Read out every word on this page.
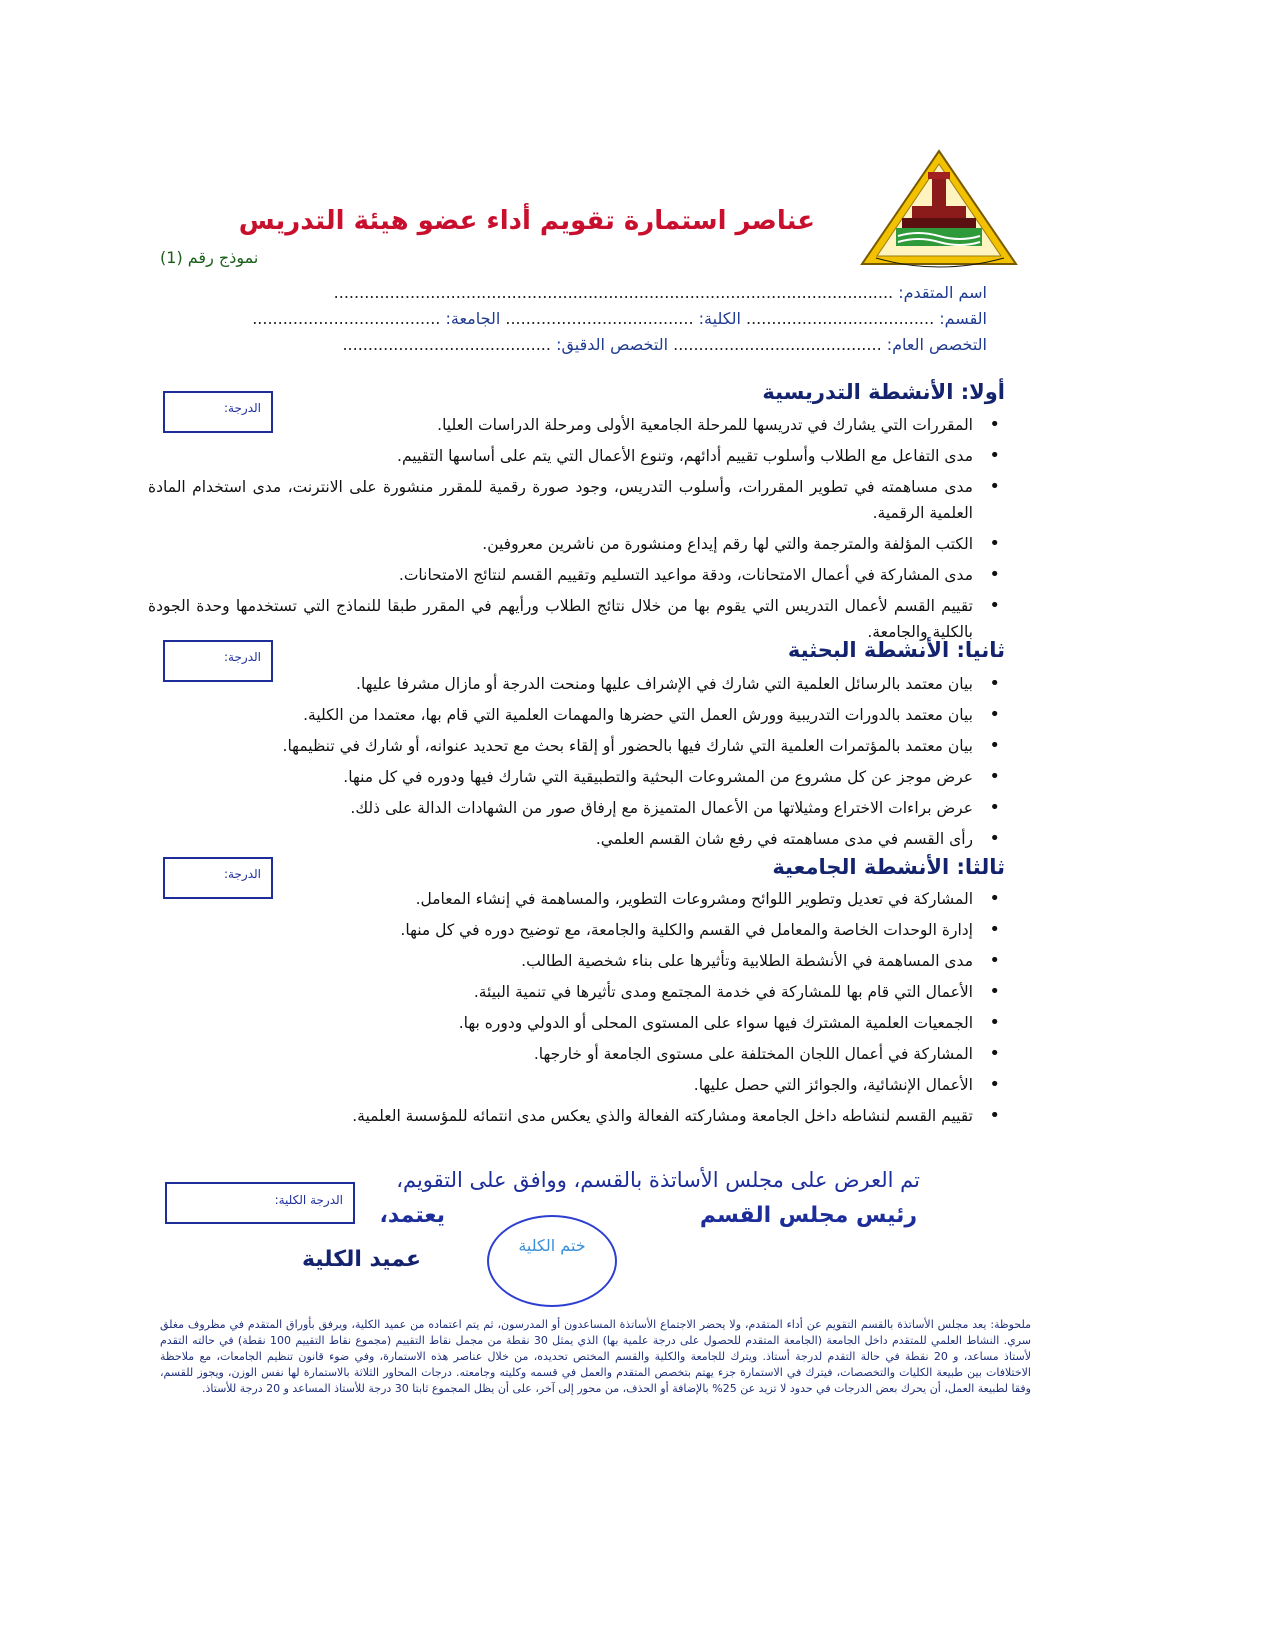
عناصر استمارة تقويم أداء عضو هيئة التدريس
نموذج رقم (1)
اسم المتقدم: ..............................................................................................................
القسم: ..................................... الكلية: ..................................... الجامعة: .....................................
التخصص العام: ......................................... التخصص الدقيق: .........................................
أولا: الأنشطة التدريسية
الدرجة:
• المقررات التي يشارك في تدريسها للمرحلة الجامعية الأولى ومرحلة الدراسات العليا.
• مدى التفاعل مع الطلاب وأسلوب تقييم أدائهم، وتنوع الأعمال التي يتم على أساسها التقييم.
• مدى مساهمته في تطوير المقررات، وأسلوب التدريس، وجود صورة رقمية للمقرر منشورة على الانترنت، مدى استخدام المادة العلمية الرقمية.
• الكتب المؤلفة والمترجمة والتي لها رقم إيداع ومنشورة من ناشرين معروفين.
• مدى المشاركة في أعمال الامتحانات، ودقة مواعيد التسليم وتقييم القسم لنتائج الامتحانات.
• تقييم القسم لأعمال التدريس التي يقوم بها من خلال نتائج الطلاب ورأيهم في المقرر طبقا للنماذج التي تستخدمها وحدة الجودة بالكلية والجامعة.
ثانيا: الأنشطة البحثية
الدرجة:
• بيان معتمد بالرسائل العلمية التي شارك في الإشراف عليها ومنحت الدرجة أو مازال مشرفا عليها.
• بيان معتمد بالدورات التدريبية وورش العمل التي حضرها والمهمات العلمية التي قام بها، معتمدا من الكلية.
• بيان معتمد بالمؤتمرات العلمية التي شارك فيها بالحضور أو إلقاء بحث مع تحديد عنوانه، أو شارك في تنظيمها.
• عرض موجز عن كل مشروع من المشروعات البحثية والتطبيقية التي شارك فيها ودوره في كل منها.
• عرض براءات الاختراع ومثيلاتها من الأعمال المتميزة مع إرفاق صور من الشهادات الدالة على ذلك.
• رأى القسم في مدى مساهمته في رفع شان القسم العلمي.
ثالثا: الأنشطة الجامعية
الدرجة:
• المشاركة في تعديل وتطوير اللوائح ومشروعات التطوير، والمساهمة في إنشاء المعامل.
• إدارة الوحدات الخاصة والمعامل في القسم والكلية والجامعة، مع توضيح دوره في كل منها.
• مدى المساهمة في الأنشطة الطلابية وتأثيرها على بناء شخصية الطالب.
• الأعمال التي قام بها للمشاركة في خدمة المجتمع ومدى تأثيرها في تنمية البيئة.
• الجمعيات العلمية المشترك فيها سواء على المستوى المحلى أو الدولي ودوره بها.
• المشاركة في أعمال اللجان المختلفة على مستوى الجامعة أو خارجها.
• الأعمال الإنشائية، والجوائز التي حصل عليها.
• تقييم القسم لنشاطه داخل الجامعة ومشاركته الفعالة والذي يعكس مدى انتمائه للمؤسسة العلمية.
تم العرض على مجلس الأساتذة بالقسم، ووافق على التقويم،
الدرجة الكلية:
رئيس مجلس القسم
يعتمد،
ختم الكلية
عميد الكلية
ملحوظة: يعد مجلس الأساتذة بالقسم التقويم عن أداء المتقدم، ولا يحضر الاجتماع الأساتذة المساعدون أو المدرسون، ثم يتم اعتماده من عميد الكلية، ويرفق بأوراق المتقدم في مظروف مغلق سري. النشاط العلمي للمتقدم داخل الجامعة (الجامعة المتقدم للحصول على درجة علمية بها) الذي يمثل 30 نقطة من مجمل نقاط التقييم (مجموع نقاط التقييم 100 نقطة) في حالته التقدم لأستاذ مساعد، و 20 نقطة في حالة التقدم لدرجة أستاذ. ويترك للجامعة والكلية والقسم المختص تحديده، من خلال عناصر هذه الاستمارة، وفي ضوء قانون تنظيم الجامعات، مع ملاحظة الاختلافات بين طبيعة الكليات والتخصصات، فيترك في الاستمارة جزء يهتم بتخصص المتقدم والعمل في قسمه وكليته وجامعته. درجات المحاور الثلاثة بالاستمارة لها نفس الوزن، ويجوز للقسم، وفقا لطبيعة العمل، أن يحرك بعض الدرجات في حدود لا تزيد عن 25% بالإضافة أو الحذف، من محور إلى آخر، على أن يظل المجموع ثابتا 30 درجة للأستاذ المساعد و 20 درجة للأستاذ.
